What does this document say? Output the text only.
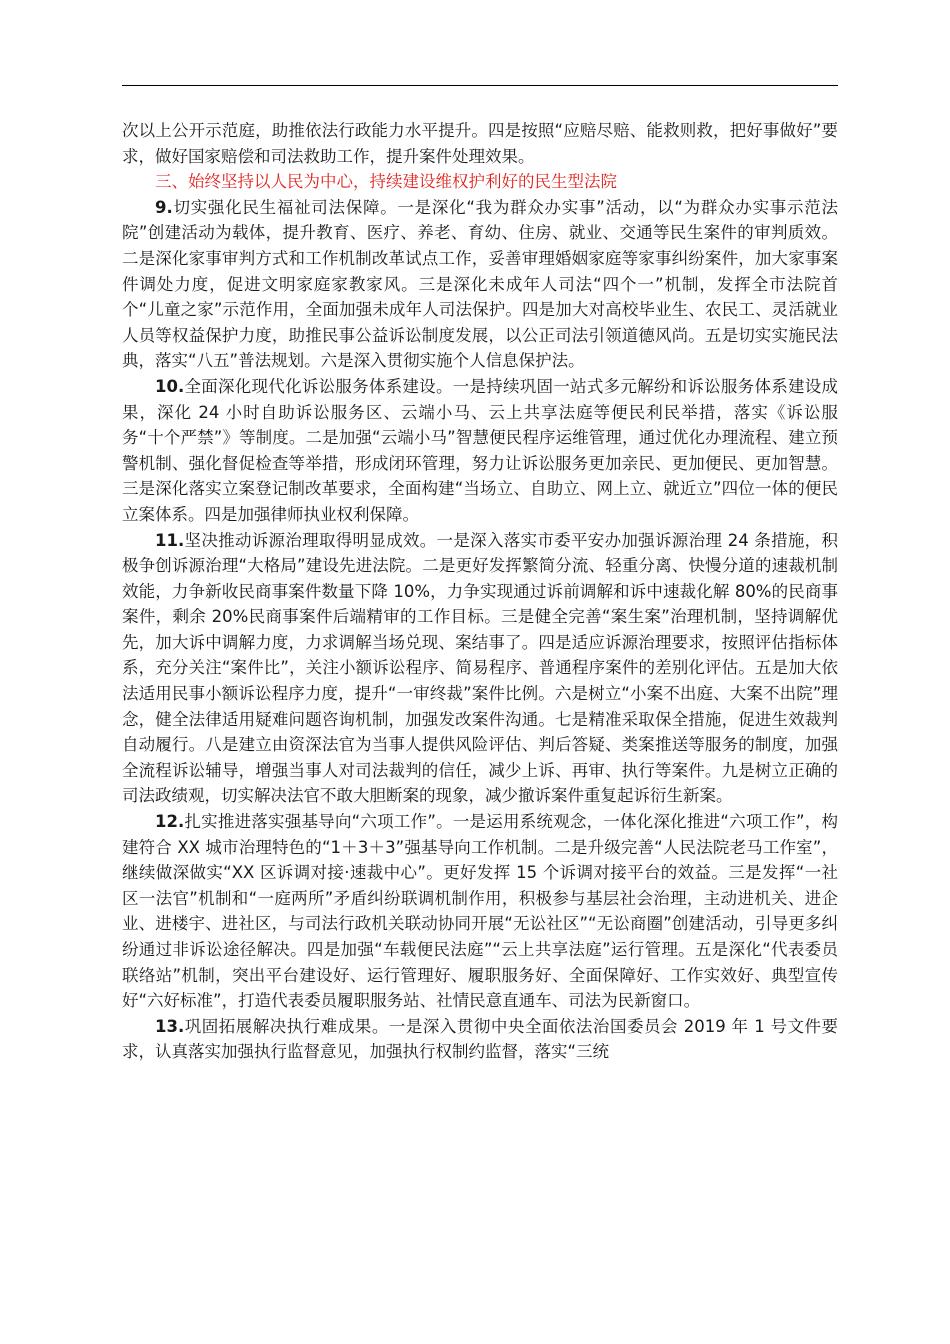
次以上公开示范庭，助推依法行政能力水平提升。四是按照“应赔尽赔、能救则救，把好事做好”要求，做好国家赔偿和司法救助工作，提升案件处理效果。

三、始终坚持以人民为中心，持续建设维权护利好的民生型法院

9.切实强化民生福祉司法保障。一是深化“我为群众办实事”活动，以“为群众办实事示范法院”创建活动为载体，提升教育、医疗、养老、育幼、住房、就业、交通等民生案件的审判质效。二是深化家事审判方式和工作机制改革试点工作，妥善审理婚姻家庭等家事纠纷案件，加大家事案件调处力度，促进文明家庭家教家风。三是深化未成年人司法“四个一”机制，发挥全市法院首个“儿童之家”示范作用，全面加强未成年人司法保护。四是加大对高校毕业生、农民工、灵活就业人员等权益保护力度，助推民事公益诉讼制度发展，以公正司法引领道德风尚。五是切实实施民法典，落实“八五”普法规划。六是深入贯彻实施个人信息保护法。

10.全面深化现代化诉讼服务体系建设。一是持续巩固一站式多元解纷和诉讼服务体系建设成果，深化 24 小时自助诉讼服务区、云端小马、云上共享法庭等便民利民举措，落实《诉讼服务“十个严禁”》等制度。二是加强“云端小马”智慧便民程序运维管理，通过优化办理流程、建立预警机制、强化督促检查等举措，形成闭环管理，努力让诉讼服务更加亲民、更加便民、更加智慧。三是深化落实立案登记制改革要求，全面构建“当场立、自助立、网上立、就近立”四位一体的便民立案体系。四是加强律师执业权利保障。

11.坚决推动诉源治理取得明显成效。一是深入落实市委平安办加强诉源治理 24 条措施，积极争创诉源治理“大格局”建设先进法院。二是更好发挥繁简分流、轻重分离、快慢分道的速裁机制效能，力争新收民商事案件数量下降 10%，力争实现通过诉前调解和诉中速裁化解 80%的民商事案件，剩余 20%民商事案件后端精审的工作目标。三是健全完善“案生案”治理机制，坚持调解优先，加大诉中调解力度，力求调解当场兑现、案结事了。四是适应诉源治理要求，按照评估指标体系，充分关注“案件比”，关注小额诉讼程序、简易程序、普通程序案件的差别化评估。五是加大依法适用民事小额诉讼程序力度，提升“一审终裁”案件比例。六是树立“小案不出庭、大案不出院”理念，健全法律适用疑难问题咨询机制，加强发改案件沟通。七是精准采取保全措施，促进生效裁判自动履行。八是建立由资深法官为当事人提供风险评估、判后答疑、类案推送等服务的制度，加强全流程诉讼辅导，增强当事人对司法裁判的信任，减少上诉、再审、执行等案件。九是树立正确的司法政绩观，切实解决法官不敢大胆断案的现象，减少撤诉案件重复起诉衍生新案。

12.扎实推进落实强基导向“六项工作”。一是运用系统观念，一体化深化推进“六项工作”，构建符合 XX 城市治理特色的“1＋3＋3”强基导向工作机制。二是升级完善“人民法院老马工作室”，继续做深做实“XX 区诉调对接·速裁中心”。更好发挥 15 个诉调对接平台的效益。三是发挥“一社区一法官”机制和“一庭两所”矛盾纠纷联调机制作用，积极参与基层社会治理，主动进机关、进企业、进楼宇、进社区，与司法行政机关联动协同开展“无讼社区”“无讼商圈”创建活动，引导更多纠纷通过非诉讼途径解决。四是加强“车载便民法庭”“云上共享法庭”运行管理。五是深化“代表委员联络站”机制，突出平台建设好、运行管理好、履职服务好、全面保障好、工作实效好、典型宣传好“六好标准”，打造代表委员履职服务站、社情民意直通车、司法为民新窗口。

13.巩固拓展解决执行难成果。一是深入贯彻中央全面依法治国委员会 2019 年 1 号文件要求，认真落实加强执行监督意见，加强执行权制约监督，落实“三统
